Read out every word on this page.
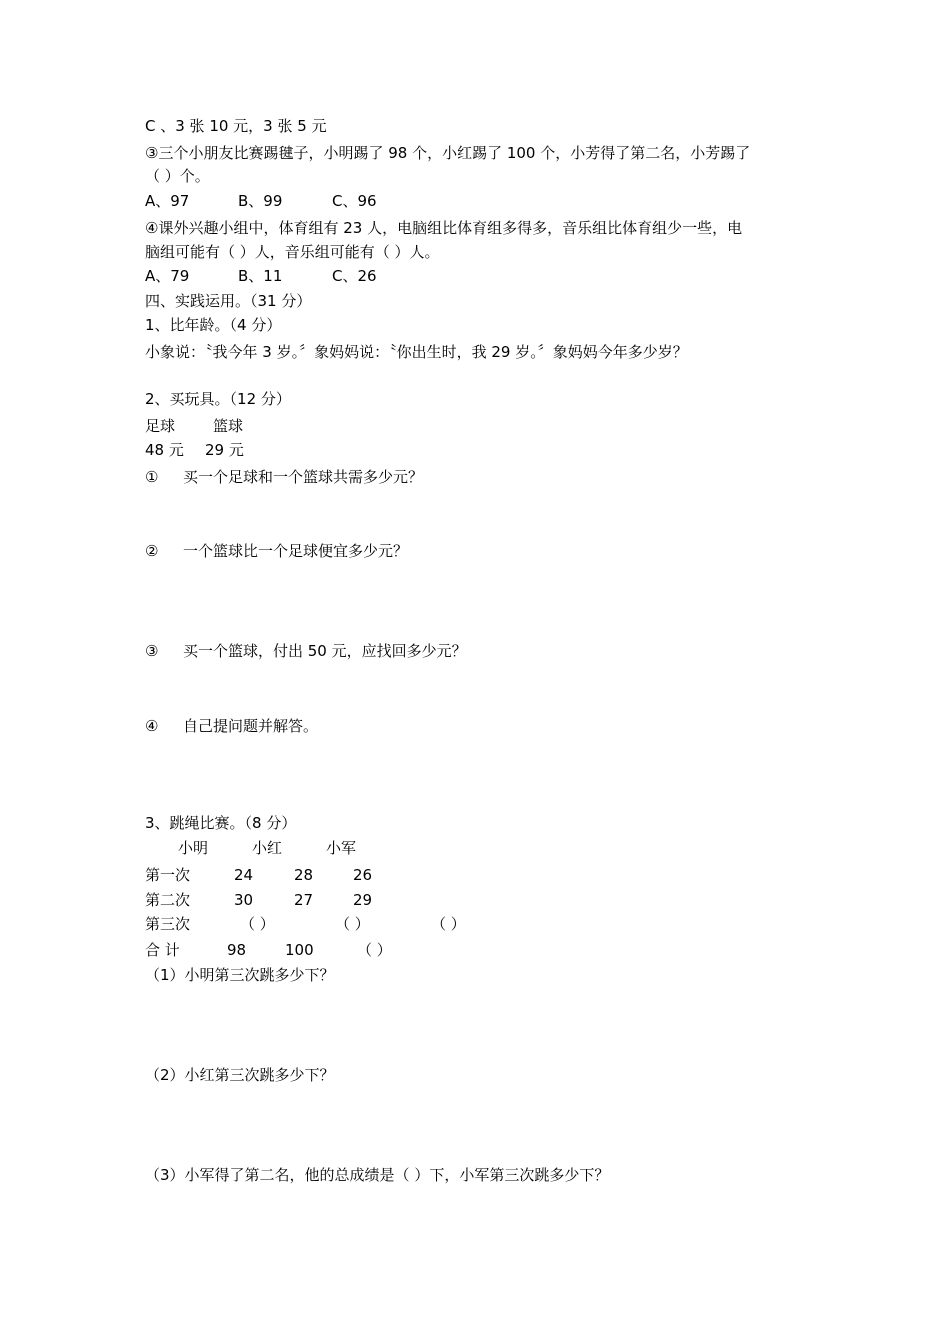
C 、3 张 10 元，3 张 5 元
③三个小朋友比赛踢毽子，小明踢了 98 个，小红踢了 100 个，小芳得了第二名，小芳踢了
（ ）个。
A、97	B、99	C、96
④课外兴趣小组中，体育组有 23 人，电脑组比体育组多得多，音乐组比体育组少一些，电
脑组可能有（ ）人，音乐组可能有（ ）人。
A、79	B、11	C、26
四、实践运用。（31 分）
1、比年龄。（4 分）
小象说：〝我今年 3 岁。〞象妈妈说：〝你出生时，我 29 岁。〞象妈妈今年多少岁？
2、买玩具。（12 分）
足球	篮球
48 元 29 元
① 买一个足球和一个篮球共需多少元？
② 一个篮球比一个足球便宜多少元？
③ 买一个篮球，付出 50 元，应找回多少元？
④ 自己提问题并解答。
3、跳绳比赛。（8 分）
小明	小红	小军
第一次	24	28	26
第二次	30	27	29
第三次	（ ）	（ ）	（ ）
合 计	98	100	（ ）
（1）小明第三次跳多少下？
（2）小红第三次跳多少下？
（3）小军得了第二名，他的总成绩是（ ）下，小军第三次跳多少下？
